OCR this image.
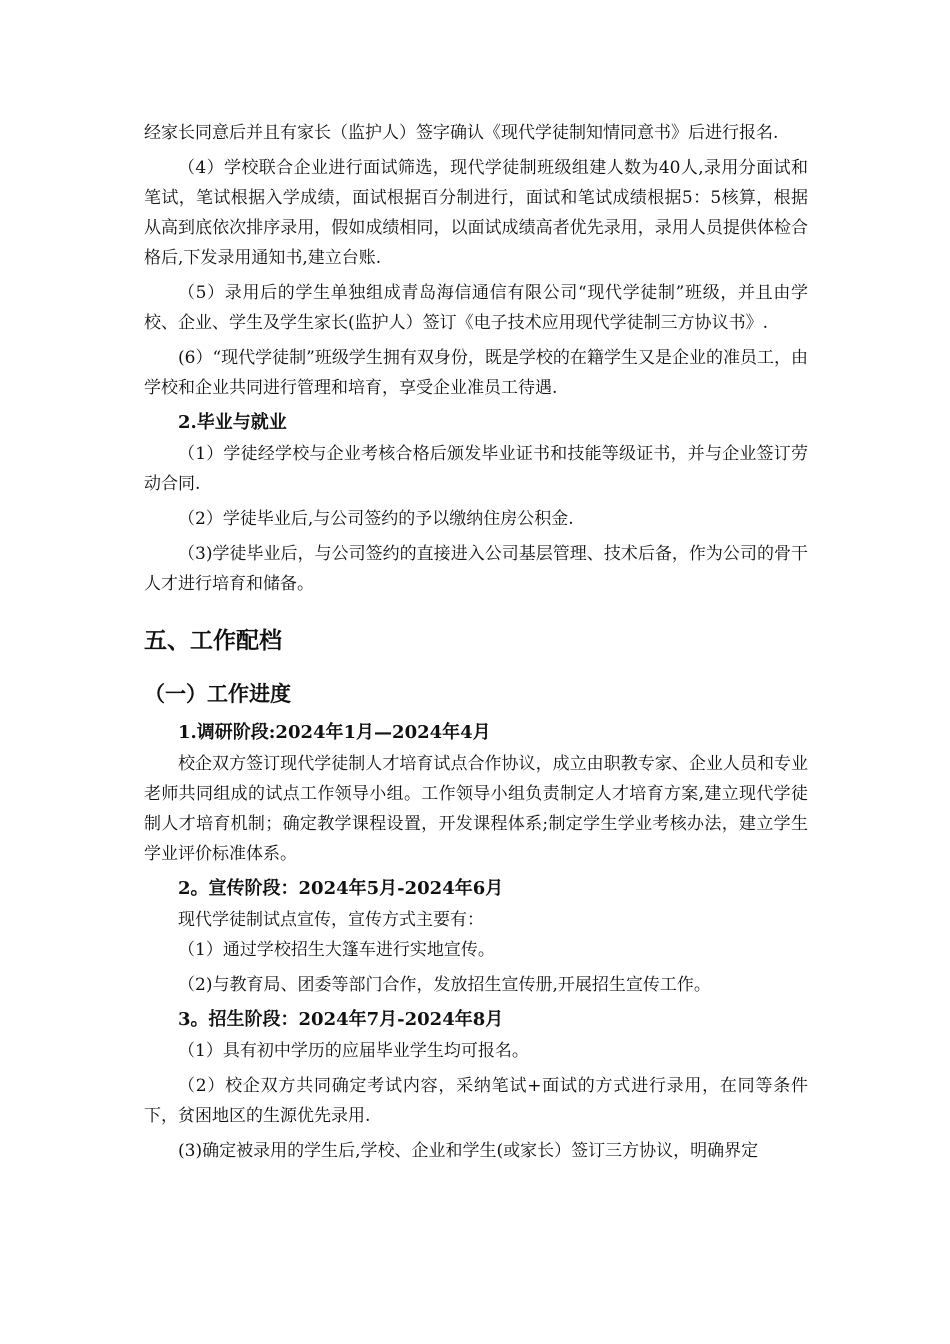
经家长同意后并且有家长（监护人）签字确认《现代学徒制知情同意书》后进行报名.

（4）学校联合企业进行面试筛选，现代学徒制班级组建人数为40人,录用分面试和笔试，笔试根据入学成绩，面试根据百分制进行，面试和笔试成绩根据5：5核算，根据从高到底依次排序录用，假如成绩相同，以面试成绩高者优先录用，录用人员提供体检合格后,下发录用通知书,建立台账.

（5）录用后的学生单独组成青岛海信通信有限公司“现代学徒制”班级，并且由学校、企业、学生及学生家长(监护人）签订《电子技术应用现代学徒制三方协议书》.

(6）“现代学徒制”班级学生拥有双身份，既是学校的在籍学生又是企业的准员工，由学校和企业共同进行管理和培育，享受企业准员工待遇.

2.毕业与就业

（1）学徒经学校与企业考核合格后颁发毕业证书和技能等级证书，并与企业签订劳动合同.

（2）学徒毕业后,与公司签约的予以缴纳住房公积金.

（3)学徒毕业后，与公司签约的直接进入公司基层管理、技术后备，作为公司的骨干人才进行培育和储备。

五、工作配档
（一）工作进度
1.调研阶段:2024年1月—2024年4月

校企双方签订现代学徒制人才培育试点合作协议，成立由职教专家、企业人员和专业老师共同组成的试点工作领导小组。工作领导小组负责制定人才培育方案,建立现代学徒制人才培育机制；确定教学课程设置，开发课程体系;制定学生学业考核办法，建立学生学业评价标准体系。

2。宣传阶段：2024年5月-2024年6月

现代学徒制试点宣传，宣传方式主要有：

（1）通过学校招生大篷车进行实地宣传。

（2)与教育局、团委等部门合作，发放招生宣传册,开展招生宣传工作。

3。招生阶段：2024年7月-2024年8月

（1）具有初中学历的应届毕业学生均可报名。

（2）校企双方共同确定考试内容，采纳笔试+面试的方式进行录用，在同等条件下，贫困地区的生源优先录用.

(3)确定被录用的学生后,学校、企业和学生(或家长）签订三方协议，明确界定
